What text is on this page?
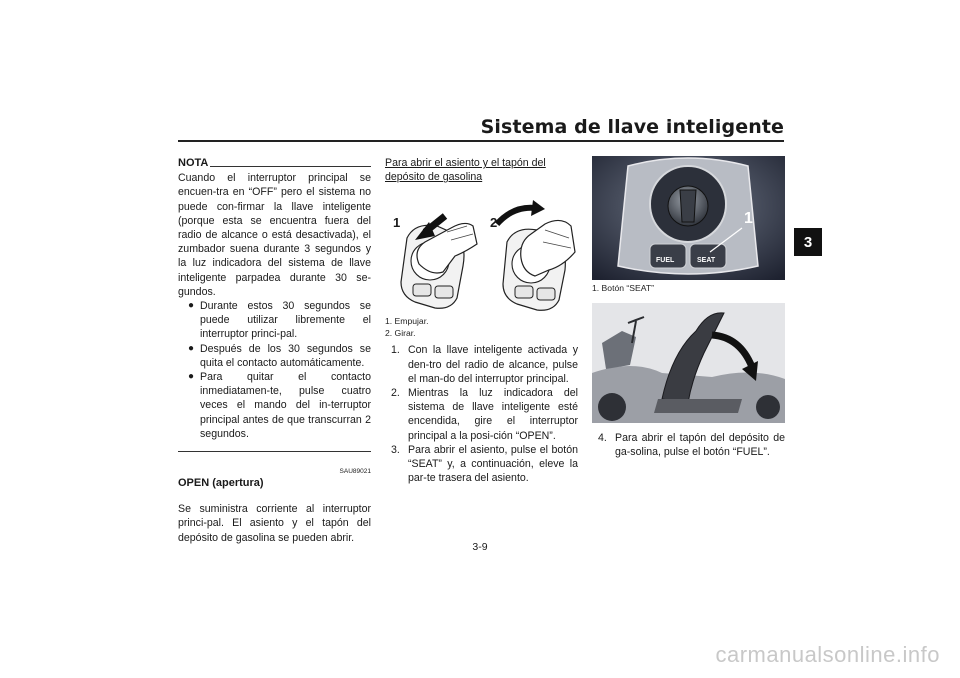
Sistema de llave inteligente
3
NOTA

Cuando el interruptor principal se encuen-tra en “OFF” pero el sistema no puede con-firmar la llave inteligente (porque esta se encuentra fuera del radio de alcance o está desactivada), el zumbador suena durante 3 segundos y la luz indicadora del sistema de llave inteligente parpadea durante 30 se-gundos.

● Durante estos 30 segundos se puede utilizar libremente el interruptor princi-pal.
● Después de los 30 segundos se quita el contacto automáticamente.
● Para quitar el contacto inmediatamen-te, pulse cuatro veces el mando del in-terruptor principal antes de que transcurran 2 segundos.
SAU89021
OPEN (apertura)

Se suministra corriente al interruptor princi-pal. El asiento y el tapón del depósito de gasolina se pueden abrir.

Para abrir el asiento y el tapón del depósito de gasolina
1	2
1. Empujar.
2. Girar.
1. Con la llave inteligente activada y den-tro del radio de alcance, pulse el man-do del interruptor principal.
2. Mientras la luz indicadora del sistema de llave inteligente esté encendida, gire el interruptor principal a la posi-ción “OPEN”.
3. Para abrir el asiento, pulse el botón “SEAT” y, a continuación, eleve la par-te trasera del asiento.
1
FUEL	SEAT
1. Botón “SEAT”
4. Para abrir el tapón del depósito de ga-solina, pulse el botón “FUEL”.
3-9
carmanualsonline.info
